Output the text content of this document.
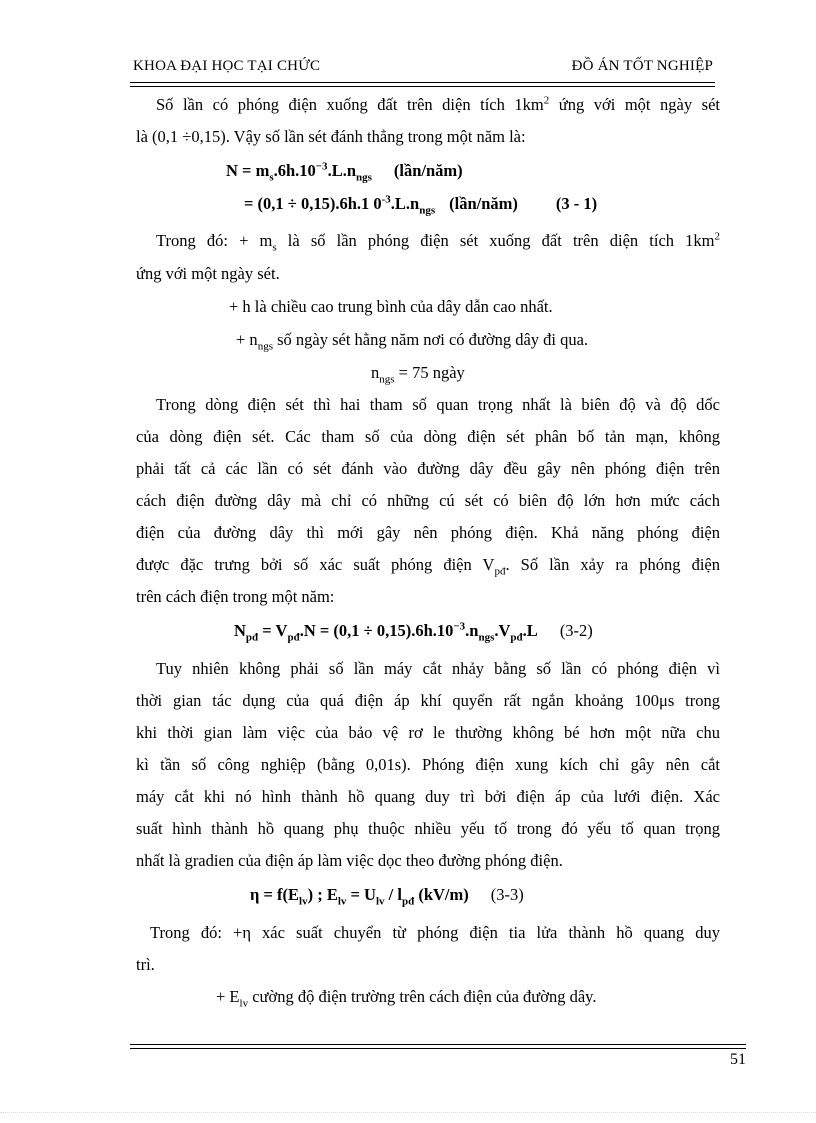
KHOA ĐẠI HỌC TẠI CHỨC	ĐỒ ÁN TỐT NGHIỆP
Số lần có phóng điện xuống đất trên diện tích $1km^2$ ứng với một ngày sét
là (0,1 ÷0,15). Vậy số lần sét đánh thẳng trong một năm là:
$N = m_s.6h.10^{-3}.L.n_{ngs}$ (lần/năm)
= (0,1 ÷ 0,15).6h.1 $0^{-3}.L.n_{ngs}$ (lần/năm) (3 - 1)
Trong đó: + $m_s$ là số lần phóng điện sét xuống đất trên diện tích $1km^2$
ứng với một ngày sét.
+ h là chiều cao trung bình của dây dẫn cao nhất.
+ $n_{ngs}$ số ngày sét hằng năm nơi có đường dây đi qua.
$n_{ngs} = 75$ ngày
Trong dòng điện sét thì hai tham số quan trọng nhất là biên độ và độ dốc
của dòng điện sét. Các tham số của dòng điện sét phân bố tản mạn, không
phải tất cả các lần có sét đánh vào đường dây đều gây nên phóng điện trên
cách điện đường dây mà chỉ có những cú sét có biên độ lớn hơn mức cách
điện của đường dây thì mới gây nên phóng điện. Khả năng phóng điện
được đặc trưng bởi số xác suất phóng điện $V_{pđ}$. Số lần xảy ra phóng điện
trên cách điện trong một năm:
$N_{pđ} = V_{pđ}.N = (0,1 \div 0,15).6h.10^{-3}.n_{ngs}.V_{pđ}.L$ (3-2)
Tuy nhiên không phải số lần máy cắt nhảy bằng số lần có phóng điện vì
thời gian tác dụng của quá điện áp khí quyển rất ngắn khoảng 100μs trong
khi thời gian làm việc của bảo vệ rơ le thường không bé hơn một nữa chu
kì tần số công nghiệp (bằng 0,01s). Phóng điện xung kích chỉ gây nên cắt
máy cắt khi nó hình thành hồ quang duy trì bởi điện áp của lưới điện. Xác
suất hình thành hồ quang phụ thuộc nhiều yếu tố trong đó yếu tố quan trọng
nhất là gradien của điện áp làm việc dọc theo đường phóng điện.
$\eta = f(E_{lv})$ ; $E_{lv} = U_{lv} / l_{pđ}$ (kV/m) (3-3)
Trong đó: +η xác suất chuyển từ phóng điện tia lửa thành hồ quang duy
trì.
+ $E_{lv}$ cường độ điện trường trên cách điện của đường dây.
51
